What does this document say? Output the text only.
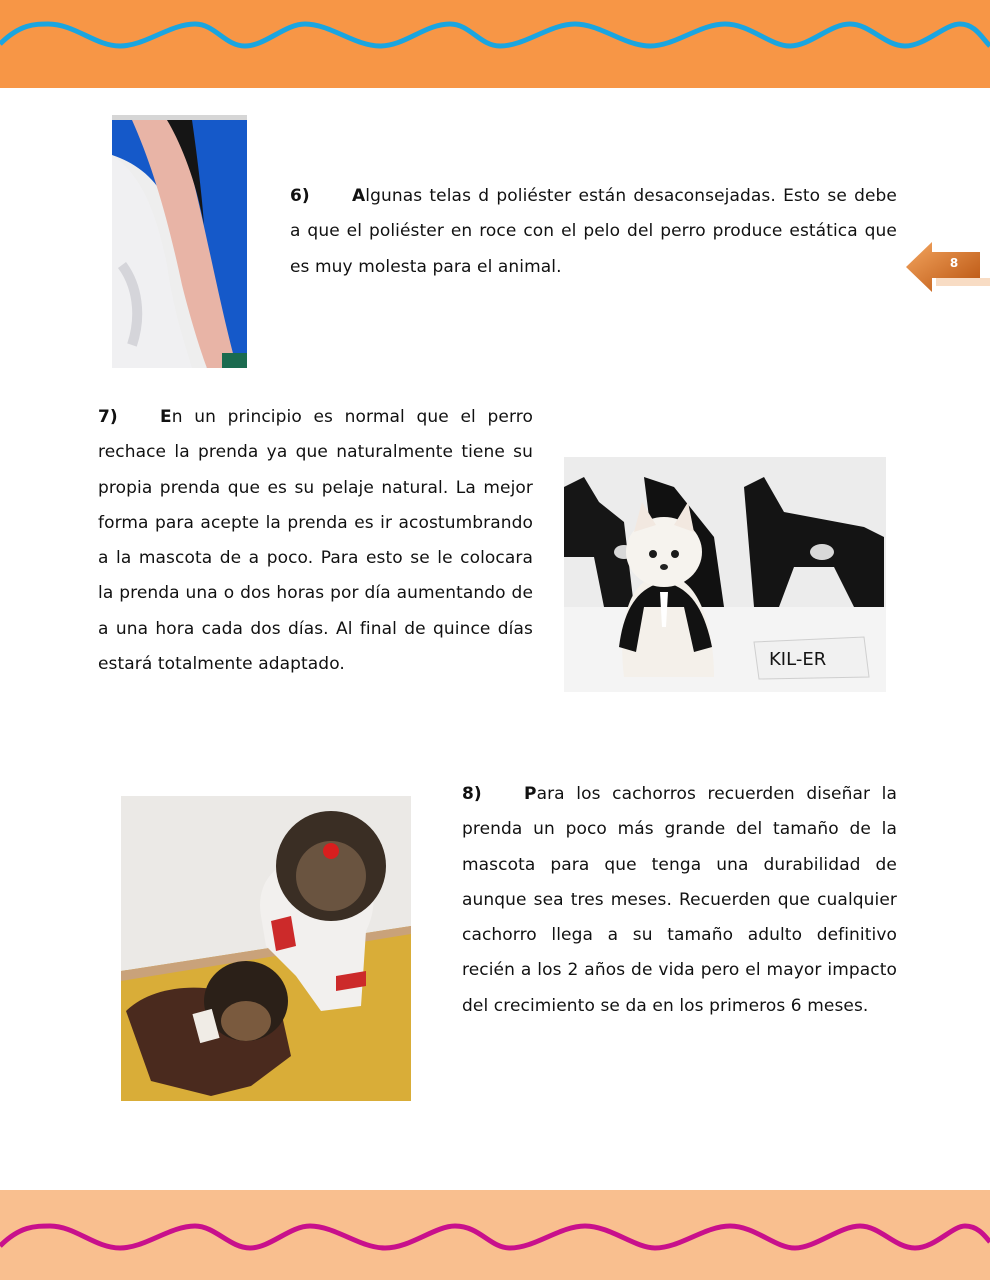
8
6) Algunas telas d poliéster están desaconsejadas. Esto se debe a que el poliéster en roce con el pelo del perro produce estática que es muy molesta para el animal.
7) En un principio es normal que el perro rechace la prenda ya que naturalmente tiene su propia prenda que es su pelaje natural. La mejor forma para acepte la prenda es ir acostumbrando a la mascota de a poco. Para esto se le colocara la prenda una o dos horas por día aumentando de a una hora cada dos días. Al final de quince días estará totalmente adaptado.	KIL-ER
8) Para los cachorros recuerden diseñar la prenda un poco más grande del tamaño de la mascota para que tenga una durabilidad de aunque sea tres meses. Recuerden que cualquier cachorro llega a su tamaño adulto definitivo recién a los 2 años de vida pero el mayor impacto del crecimiento se da en los primeros 6 meses.
